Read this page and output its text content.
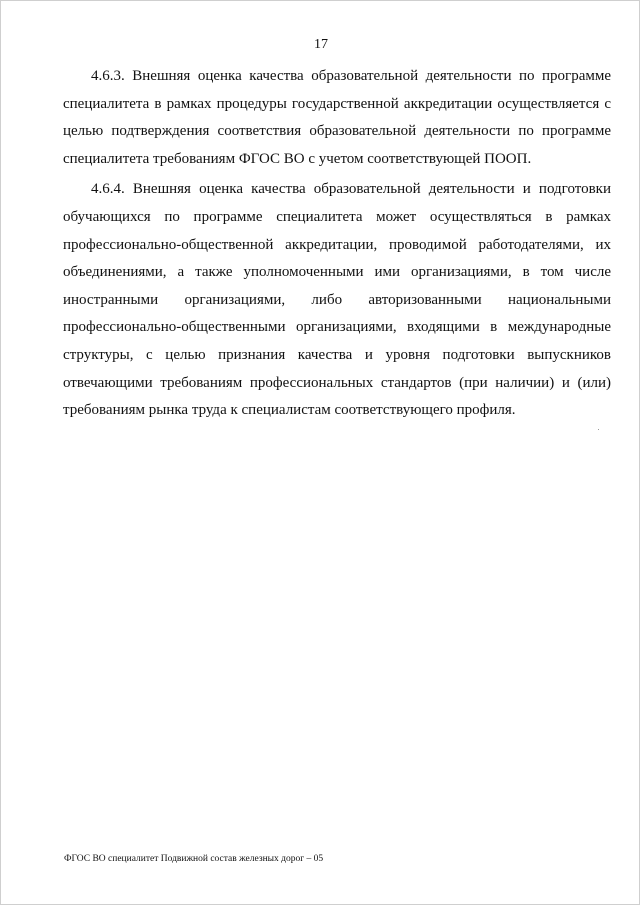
17

4.6.3. Внешняя оценка качества образовательной деятельности по программе специалитета в рамках процедуры государственной аккредитации осуществляется с целью подтверждения соответствия образовательной деятельности по программе специалитета требованиям ФГОС ВО с учетом соответствующей ПООП.

4.6.4. Внешняя оценка качества образовательной деятельности и подготовки обучающихся по программе специалитета может осуществляться в рамках профессионально-общественной аккредитации, проводимой работодателями, их объединениями, а также уполномоченными ими организациями, в том числе иностранными организациями, либо авторизованными национальными профессионально-общественными организациями, входящими в международные структуры, с целью признания качества и уровня подготовки выпускников отвечающими требованиям профессиональных стандартов (при наличии) и (или) требованиям рынка труда к специалистам соответствующего профиля.

ФГОС ВО специалитет Подвижной состав железных дорог – 05
